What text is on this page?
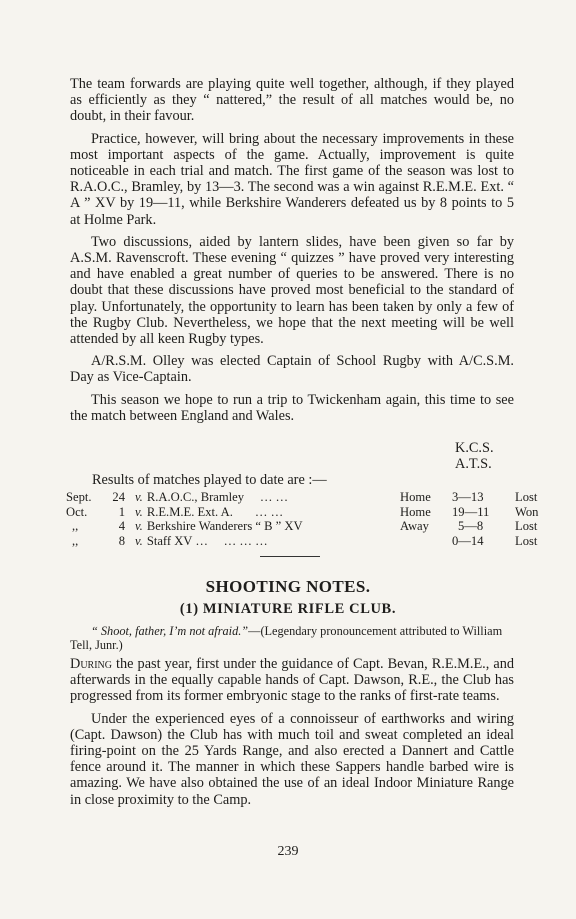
The team forwards are playing quite well together, although, if they played as efficiently as they “ nattered,” the result of all matches would be, no doubt, in their favour.

Practice, however, will bring about the necessary improvements in these most important aspects of the game. Actually, improvement is quite noticeable in each trial and match. The first game of the season was lost to R.A.O.C., Bramley, by 13—3. The second was a win against R.E.M.E. Ext. “ A ” XV by 19—11, while Berkshire Wanderers defeated us by 8 points to 5 at Holme Park.

Two discussions, aided by lantern slides, have been given so far by A.S.M. Ravenscroft. These evening “ quizzes ” have proved very interesting and have enabled a great number of queries to be answered. There is no doubt that these discussions have proved most beneficial to the standard of play. Unfortunately, the opportunity to learn has been taken by only a few of the Rugby Club. Nevertheless, we hope that the next meeting will be well attended by all keen Rugby types.

A/R.S.M. Olley was elected Captain of School Rugby with A/C.S.M. Day as Vice-Captain.

This season we hope to run a trip to Twickenham again, this time to see the match between England and Wales.

K.C.S.
A.T.S.
Results of matches played to date are :—
Sept.	24	v. R.A.O.C., Bramley … …	Home	3—13	Lost
Oct.	1	v. R.E.M.E. Ext. A. … …	Home	19—11	Won
,,	4	v. Berkshire Wanderers “ B ” XV	Away	5—8	Lost
,,	8	v. Staff XV … … … …		0—14	Lost
SHOOTING NOTES.
(1) MINIATURE RIFLE CLUB.
“ Shoot, father, I’m not afraid.”—(Legendary pronouncement attributed to William Tell, Junr.)

During the past year, first under the guidance of Capt. Bevan, R.E.M.E., and afterwards in the equally capable hands of Capt. Dawson, R.E., the Club has progressed from its former embryonic stage to the ranks of first-rate teams.

Under the experienced eyes of a connoisseur of earthworks and wiring (Capt. Dawson) the Club has with much toil and sweat completed an ideal firing-point on the 25 Yards Range, and also erected a Dannert and Cattle fence around it. The manner in which these Sappers handle barbed wire is amazing. We have also obtained the use of an ideal Indoor Miniature Range in close proximity to the Camp.

239
